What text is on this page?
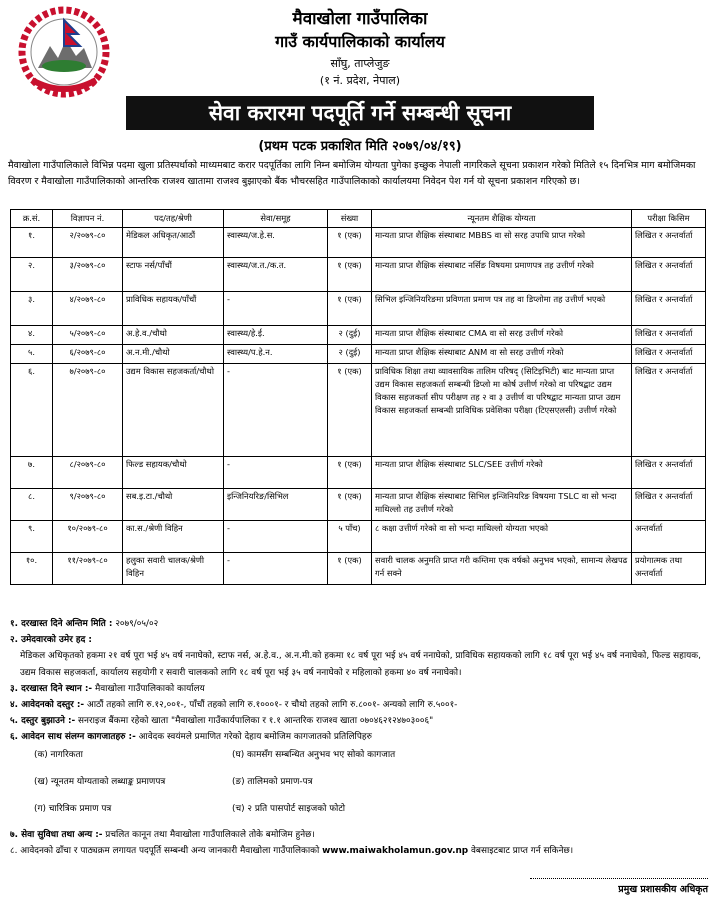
मैवाखोला गाउँपालिका
गाउँ कार्यपालिकाको कार्यालय
साँघु, ताप्लेजुङ
(१ नं. प्रदेश, नेपाल)
सेवा करारमा पदपूर्ति गर्ने सम्बन्धी सूचना
(प्रथम पटक प्रकाशित मिति २०७९/०४/१९)
मैवाखोला गाउँपालिकाले विभिन्न पदमा खुला प्रतिस्पर्धाको माध्यमबाट करार पदपूर्तिका लागि निम्न बमोजिम योग्यता पुगेका इच्छुक नेपाली नागरिकले सूचना प्रकाशन गरेको मितिले १५ दिनभित्र माग बमोजिमका विवरण र मैवाखोला गाउँपालिकाको आन्तरिक राजश्व खातामा राजश्व बुझाएको बैंक भौचरसहित गाउँपालिकाको कार्यालयमा निवेदन पेश गर्न यो सूचना प्रकाशन गरिएको छ।
क्र.सं.	विज्ञापन नं.	पद/तह/श्रेणी	सेवा/समूह	संख्या	न्यूनतम शैक्षिक योग्यता	परीक्षा किसिम
१.	२/२०७९-८०	मेडिकल अधिकृत/आठौं	स्वास्थ्य/ज.हे.स.	१ (एक)	मान्यता प्राप्त शैक्षिक संस्थाबाट MBBS वा सो सरह उपाधि प्राप्त गरेको	लिखित र अन्तर्वार्ता
२.	३/२०७९-८०	स्टाफ नर्स/पाँचौं	स्वास्थ्य/ज.त./क.त.	१ (एक)	मान्यता प्राप्त शैक्षिक संस्थाबाट नर्सिङ विषयमा प्रमाणपत्र तह उत्तीर्ण गरेको	लिखित र अन्तर्वार्ता
३.	४/२०७९-८०	प्राविधिक सहायक/पाँचौं	-	१ (एक)	सिभिल इन्जिनियरिङमा प्रविणता प्रमाण पत्र तह वा डिप्लोमा तह उत्तीर्ण भएको	लिखित र अन्तर्वार्ता
४.	५/२०७९-८०	अ.हे.व./चौथो	स्वास्थ्य/हे.ई.	२ (दुई)	मान्यता प्राप्त शैक्षिक संस्थाबाट CMA वा सो सरह उत्तीर्ण गरेको	लिखित र अन्तर्वार्ता
५.	६/२०७९-८०	अ.न.मी./चौथो	स्वास्थ्य/प.हे.न.	२ (दुई)	मान्यता प्राप्त शैक्षिक संस्थाबाट ANM वा सो सरह उत्तीर्ण गरेको	लिखित र अन्तर्वार्ता
६.	७/२०७९-८०	उद्यम विकास सहजकर्ता/चौथो	-	१ (एक)	प्राविधिक शिक्षा तथा व्यावसायिक तालिम परिषद् (सिटिइभिटी) बाट मान्यता प्राप्त उद्यम विकास सहजकर्ता सम्बन्धी डिप्लो मा कोर्ष उत्तीर्ण गरेको वा परिषद्बाट उद्यम विकास सहजकर्ता सीप परीक्षण तह २ वा ३ उत्तीर्ण वा परिषद्बाट मान्यता प्राप्त उद्यम विकास सहजकर्ता सम्बन्धी प्राविधिक प्रवेशिका परीक्षा (टिएसएलसी) उत्तीर्ण गरेको	लिखित र अन्तर्वार्ता
७.	८/२०७९-८०	फिल्ड सहायक/चौथो	-	१ (एक)	मान्यता प्राप्त शैक्षिक संस्थाबाट SLC/SEE उत्तीर्ण गरेको	लिखित र अन्तर्वार्ता
८.	९/२०७९-८०	सब.इ.टा./चौथो	इन्जिनियरिङ/सिभिल	१ (एक)	मान्यता प्राप्त शैक्षिक संस्थाबाट सिभिल इन्जिनियरिङ विषयमा TSLC वा सो भन्दा माथिल्लो तह उत्तीर्ण गरेको	लिखित र अन्तर्वार्ता
९.	१०/२०७९-८०	का.स./श्रेणी विहिन	-	५ पाँच)	८ कक्षा उत्तीर्ण गरेको वा सो भन्दा माथिल्लो योग्यता भएको	अन्तर्वार्ता
१०.	११/२०७९-८०	हलुका सवारी चालक/श्रेणी विहिन	-	१ (एक)	सवारी चालक अनुमति प्राप्त गरी कम्तिमा एक वर्षको अनुभव भएको, सामान्य लेखपढ गर्न सक्ने	प्रयोगात्मक तथा अन्तर्वार्ता
१. दरखास्त दिने अन्तिम मिति : २०७९/०५/०२
२. उमेदवारको उमेर हद :
मेडिकल अधिकृतको हकमा २१ वर्ष पूरा भई ४५ वर्ष ननाघेको, स्टाफ नर्स, अ.हे.व., अ.न.मी.को हकमा १८ वर्ष पूरा भई ४५ वर्ष ननाघेको, प्राविधिक सहायकको लागि १८ वर्ष पूरा भई ४५ वर्ष ननाघेको, फिल्ड सहायक, उद्यम विकास सहजकर्ता, कार्यालय सहयोगी र सवारी चालकको लागि १८ वर्ष पूरा भई ३५ वर्ष ननाघेको र महिलाको हकमा ४० वर्ष ननाघेको।
३. दरखास्त दिने स्थान :- मैवाखोला गाउँपालिकाको कार्यालय
४. आवेदनको दस्तुर :- आठौं तहको लागि रु.१२,००१-, पाँचौं तहको लागि रु.१०००१- र चौथो तहको लागि रु.८००१- अन्यको लागि रु.५००१-
५. दस्तुर बुझाउने :- सनराइज बैंकमा रहेको खाता "मैवाखोला गाउँकार्यपालिका र १.१ आन्तरिक राजश्व खाता ०७०४६२१२४७०३००६"
६. आवेदन साथ संलग्न कागजातहरु :- आवेदक स्वयंमले प्रमाणित गरेको देहाय बमोजिम कागजातको प्रतिलिपिहरु
(क) नागरिकता
(ख) न्यूनतम योग्यताको लब्धाङ्क प्रमाणपत्र
(ग) चारित्रिक प्रमाण पत्र
(घ) कामसँग सम्बन्धित अनुभव भए सोको कागजात
(ङ) तालिमको प्रमाण-पत्र
(च) २ प्रति पासपोर्ट साइजको फोटो
७. सेवा सुविधा तथा अन्य :- प्रचलित कानून तथा मैवाखोला गाउँपालिकाले तोके बमोजिम हुनेछ।
८. आवेदनको ढाँचा र पाठ्यक्रम लगायत पदपूर्ति सम्बन्धी अन्य जानकारी मैवाखोला गाउँपालिकाको www.maiwakholamun.gov.np वेबसाइटबाट प्राप्त गर्न सकिनेछ।
प्रमुख प्रशासकीय अधिकृत
